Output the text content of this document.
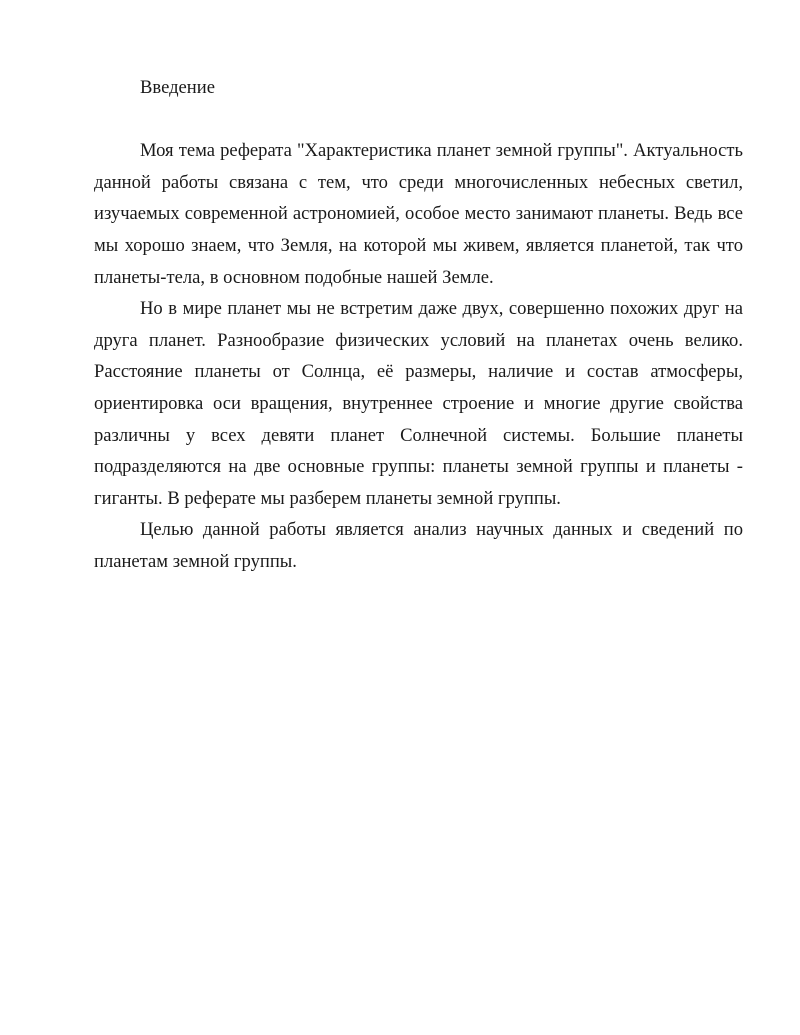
Введение

Моя тема реферата "Характеристика планет земной группы". Актуальность данной работы связана с тем, что среди многочисленных небесных светил, изучаемых современной астрономией, особое место занимают планеты. Ведь все мы хорошо знаем, что Земля, на которой мы живем, является планетой, так что планеты-тела, в основном подобные нашей Земле.

Но в мире планет мы не встретим даже двух, совершенно похожих друг на друга планет. Разнообразие физических условий на планетах очень велико. Расстояние планеты от Солнца, её размеры, наличие и состав атмосферы, ориентировка оси вращения, внутреннее строение и многие другие свойства различны у всех девяти планет Солнечной системы. Большие планеты подразделяются на две основные группы: планеты земной группы и планеты - гиганты. В реферате мы разберем планеты земной группы.

Целью данной работы является анализ научных данных и сведений по планетам земной группы.
